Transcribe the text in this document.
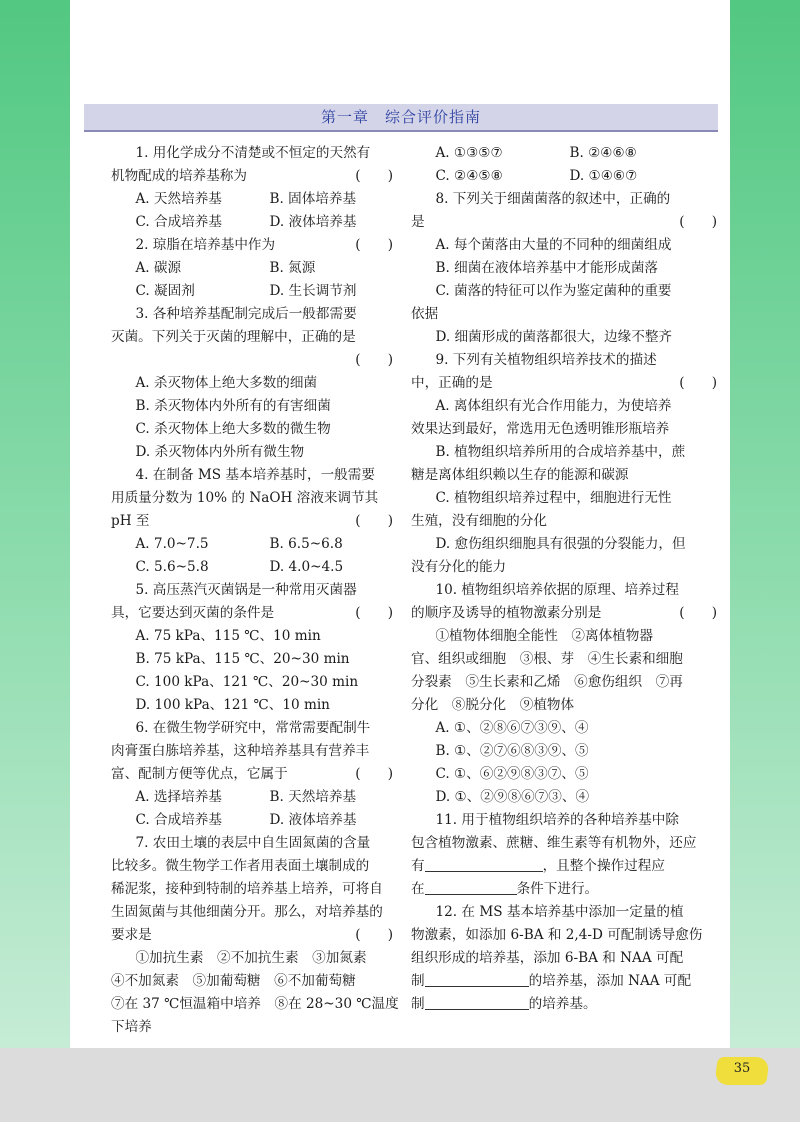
35
第一章　综合评价指南
1. 用化学成分不清楚或不恒定的天然有
机物配成的培养基称为	(　　)
A. 天然培养基	B. 固体培养基
C. 合成培养基	D. 液体培养基
2. 琼脂在培养基中作为	(　　)
A. 碳源	B. 氮源
C. 凝固剂	D. 生长调节剂
3. 各种培养基配制完成后一般都需要
灭菌。下列关于灭菌的理解中，正确的是
(　　)
A. 杀灭物体上绝大多数的细菌
B. 杀灭物体内外所有的有害细菌
C. 杀灭物体上绝大多数的微生物
D. 杀灭物体内外所有微生物
4. 在制备 MS 基本培养基时，一般需要
用质量分数为 10% 的 NaOH 溶液来调节其
pH 至	(　　)
A. 7.0~7.5	B. 6.5~6.8
C. 5.6~5.8	D. 4.0~4.5
5. 高压蒸汽灭菌锅是一种常用灭菌器
具，它要达到灭菌的条件是	(　　)
A. 75 kPa、115 ℃、10 min
B. 75 kPa、115 ℃、20~30 min
C. 100 kPa、121 ℃、20~30 min
D. 100 kPa、121 ℃、10 min
6. 在微生物学研究中，常常需要配制牛
肉膏蛋白胨培养基，这种培养基具有营养丰
富、配制方便等优点，它属于	(　　)
A. 选择培养基	B. 天然培养基
C. 合成培养基	D. 液体培养基
7. 农田土壤的表层中自生固氮菌的含量
比较多。微生物学工作者用表面土壤制成的
稀泥浆，接种到特制的培养基上培养，可将自
生固氮菌与其他细菌分开。那么，对培养基的
要求是	(　　)
①加抗生素　②不加抗生素　③加氮素
④不加氮素　⑤加葡萄糖　⑥不加葡萄糖
⑦在 37 ℃恒温箱中培养　⑧在 28~30 ℃温度
下培养
A. ①③⑤⑦	B. ②④⑥⑧
C. ②④⑤⑧	D. ①④⑥⑦
8. 下列关于细菌菌落的叙述中，正确的
是	(　　)
A. 每个菌落由大量的不同种的细菌组成
B. 细菌在液体培养基中才能形成菌落
C. 菌落的特征可以作为鉴定菌种的重要
依据
D. 细菌形成的菌落都很大，边缘不整齐
9. 下列有关植物组织培养技术的描述
中，正确的是	(　　)
A. 离体组织有光合作用能力，为使培养
效果达到最好，常选用无色透明锥形瓶培养
B. 植物组织培养所用的合成培养基中，蔗
糖是离体组织赖以生存的能源和碳源
C. 植物组织培养过程中，细胞进行无性
生殖，没有细胞的分化
D. 愈伤组织细胞具有很强的分裂能力，但
没有分化的能力
10. 植物组织培养依据的原理、培养过程
的顺序及诱导的植物激素分别是	(　　)
①植物体细胞全能性　②离体植物器
官、组织或细胞　③根、芽　④生长素和细胞
分裂素　⑤生长素和乙烯　⑥愈伤组织　⑦再
分化　⑧脱分化　⑨植物体
A. ①、②⑧⑥⑦③⑨、④
B. ①、②⑦⑥⑧③⑨、⑤
C. ①、⑥②⑨⑧③⑦、⑤
D. ①、②⑨⑧⑥⑦③、④
11. 用于植物组织培养的各种培养基中除
包含植物激素、蔗糖、维生素等有机物外，还应
有	，且整个操作过程应
在	条件下进行。
12. 在 MS 基本培养基中添加一定量的植
物激素，如添加 6-BA 和 2,4-D 可配制诱导愈伤
组织形成的培养基，添加 6-BA 和 NAA 可配
制	的培养基，添加 NAA 可配
制	的培养基。
